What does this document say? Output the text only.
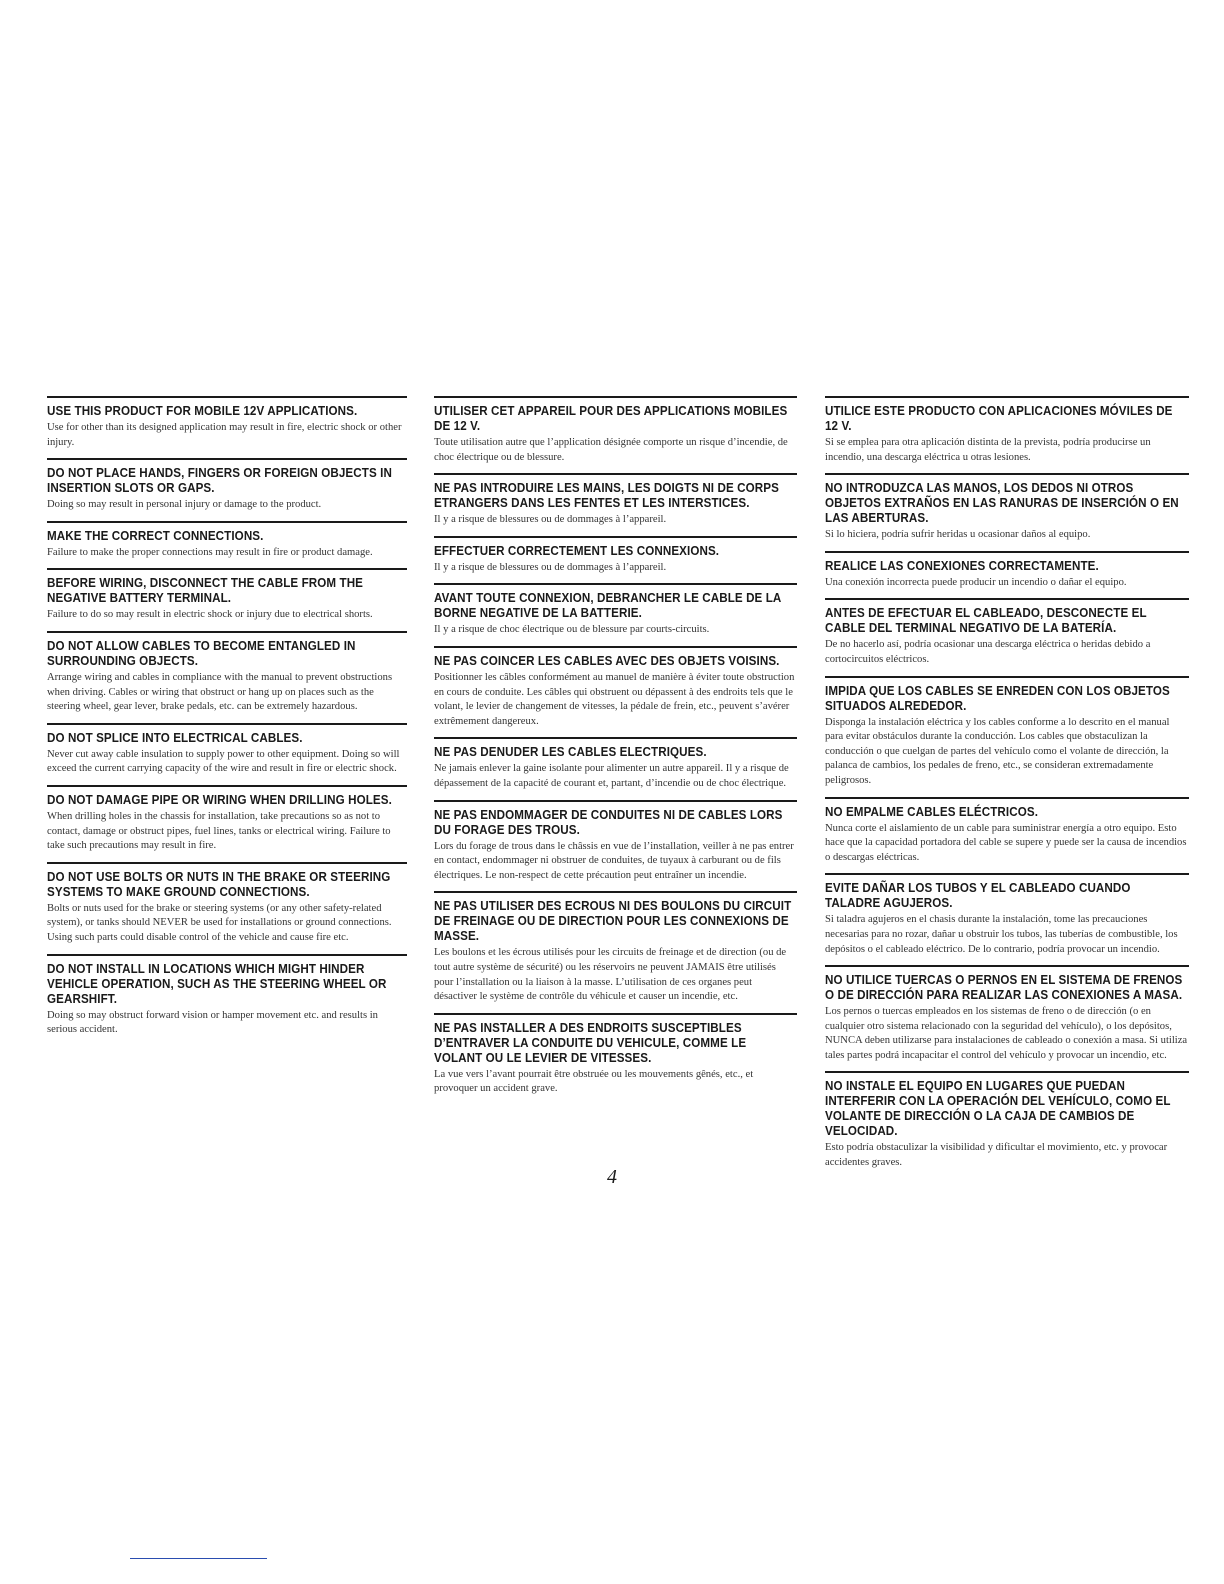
USE THIS PRODUCT FOR MOBILE 12V APPLICATIONS.

Use for other than its designed application may result in fire, electric shock or other injury.

DO NOT PLACE HANDS, FINGERS OR FOREIGN OBJECTS IN INSERTION SLOTS OR GAPS.

Doing so may result in personal injury or damage to the product.

MAKE THE CORRECT CONNECTIONS.

Failure to make the proper connections may result in fire or product damage.

BEFORE WIRING, DISCONNECT THE CABLE FROM THE NEGATIVE BATTERY TERMINAL.

Failure to do so may result in electric shock or injury due to electrical shorts.

DO NOT ALLOW CABLES TO BECOME ENTANGLED IN SURROUNDING OBJECTS.

Arrange wiring and cables in compliance with the manual to prevent obstructions when driving. Cables or wiring that obstruct or hang up on places such as the steering wheel, gear lever, brake pedals, etc. can be extremely hazardous.

DO NOT SPLICE INTO ELECTRICAL CABLES.

Never cut away cable insulation to supply power to other equipment. Doing so will exceed the current carrying capacity of the wire and result in fire or electric shock.

DO NOT DAMAGE PIPE OR WIRING WHEN DRILLING HOLES.

When drilling holes in the chassis for installation, take precautions so as not to contact, damage or obstruct pipes, fuel lines, tanks or electrical wiring. Failure to take such precautions may result in fire.

DO NOT USE BOLTS OR NUTS IN THE BRAKE OR STEERING SYSTEMS TO MAKE GROUND CONNECTIONS.

Bolts or nuts used for the brake or steering systems (or any other safety-related system), or tanks should NEVER be used for installations or ground connections. Using such parts could disable control of the vehicle and cause fire etc.

DO NOT INSTALL IN LOCATIONS WHICH MIGHT HINDER VEHICLE OPERATION, SUCH AS THE STEERING WHEEL OR GEARSHIFT.

Doing so may obstruct forward vision or hamper movement etc. and results in serious accident.

UTILISER CET APPAREIL POUR DES APPLICATIONS MOBILES DE 12 V.

Toute utilisation autre que l’application désignée comporte un risque d’incendie, de choc électrique ou de blessure.

NE PAS INTRODUIRE LES MAINS, LES DOIGTS NI DE CORPS ETRANGERS DANS LES FENTES ET LES INTERSTICES.

Il y a risque de blessures ou de dommages à l’appareil.

EFFECTUER CORRECTEMENT LES CONNEXIONS.

Il y a risque de blessures ou de dommages à l’appareil.

AVANT TOUTE CONNEXION, DEBRANCHER LE CABLE DE LA BORNE NEGATIVE DE LA BATTERIE.

Il y a risque de choc électrique ou de blessure par courts-circuits.

NE PAS COINCER LES CABLES AVEC DES OBJETS VOISINS.

Positionner les câbles conformément au manuel de manière à éviter toute obstruction en cours de conduite. Les câbles qui obstruent ou dépassent à des endroits tels que le volant, le levier de changement de vitesses, la pédale de frein, etc., peuvent s’avérer extrêmement dangereux.

NE PAS DENUDER LES CABLES ELECTRIQUES.

Ne jamais enlever la gaine isolante pour alimenter un autre appareil. Il y a risque de dépassement de la capacité de courant et, partant, d’incendie ou de choc électrique.

NE PAS ENDOMMAGER DE CONDUITES NI DE CABLES LORS DU FORAGE DES TROUS.

Lors du forage de trous dans le châssis en vue de l’installation, veiller à ne pas entrer en contact, endommager ni obstruer de conduites, de tuyaux à carburant ou de fils électriques. Le non-respect de cette précaution peut entraîner un incendie.

NE PAS UTILISER DES ECROUS NI DES BOULONS DU CIRCUIT DE FREINAGE OU DE DIRECTION POUR LES CONNEXIONS DE MASSE.

Les boulons et les écrous utilisés pour les circuits de freinage et de direction (ou de tout autre système de sécurité) ou les réservoirs ne peuvent JAMAIS être utilisés pour l’installation ou la liaison à la masse. L’utilisation de ces organes peut désactiver le système de contrôle du véhicule et causer un incendie, etc.

NE PAS INSTALLER A DES ENDROITS SUSCEPTIBLES D’ENTRAVER LA CONDUITE DU VEHICULE, COMME LE VOLANT OU LE LEVIER DE VITESSES.

La vue vers l’avant pourrait être obstruée ou les mouvements gênés, etc., et provoquer un accident grave.

UTILICE ESTE PRODUCTO CON APLICACIONES MÓVILES DE 12 V.

Si se emplea para otra aplicación distinta de la prevista, podría producirse un incendio, una descarga eléctrica u otras lesiones.

NO INTRODUZCA LAS MANOS, LOS DEDOS NI OTROS OBJETOS EXTRAÑOS EN LAS RANURAS DE INSERCIÓN O EN LAS ABERTURAS.

Si lo hiciera, podría sufrir heridas u ocasionar daños al equipo.

REALICE LAS CONEXIONES CORRECTAMENTE.

Una conexión incorrecta puede producir un incendio o dañar el equipo.

ANTES DE EFECTUAR EL CABLEADO, DESCONECTE EL CABLE DEL TERMINAL NEGATIVO DE LA BATERÍA.

De no hacerlo así, podría ocasionar una descarga eléctrica o heridas debido a cortocircuitos eléctricos.

IMPIDA QUE LOS CABLES SE ENREDEN CON LOS OBJETOS SITUADOS ALREDEDOR.

Disponga la instalación eléctrica y los cables conforme a lo descrito en el manual para evitar obstáculos durante la conducción. Los cables que obstaculizan la conducción o que cuelgan de partes del vehículo como el volante de dirección, la palanca de cambios, los pedales de freno, etc., se consideran extremadamente peligrosos.

NO EMPALME CABLES ELÉCTRICOS.

Nunca corte el aislamiento de un cable para suministrar energía a otro equipo. Esto hace que la capacidad portadora del cable se supere y puede ser la causa de incendios o descargas eléctricas.

EVITE DAÑAR LOS TUBOS Y EL CABLEADO CUANDO TALADRE AGUJEROS.

Si taladra agujeros en el chasis durante la instalación, tome las precauciones necesarias para no rozar, dañar u obstruir los tubos, las tuberías de combustible, los depósitos o el cableado eléctrico. De lo contrario, podría provocar un incendio.

NO UTILICE TUERCAS O PERNOS EN EL SISTEMA DE FRENOS O DE DIRECCIÓN PARA REALIZAR LAS CONEXIONES A MASA.

Los pernos o tuercas empleados en los sistemas de freno o de dirección (o en cualquier otro sistema relacionado con la seguridad del vehículo), o los depósitos, NUNCA deben utilizarse para instalaciones de cableado o conexión a masa. Si utiliza tales partes podrá incapacitar el control del vehículo y provocar un incendio, etc.

NO INSTALE EL EQUIPO EN LUGARES QUE PUEDAN INTERFERIR CON LA OPERACIÓN DEL VEHÍCULO, COMO EL VOLANTE DE DIRECCIÓN O LA CAJA DE CAMBIOS DE VELOCIDAD.

Esto podría obstaculizar la visibilidad y dificultar el movimiento, etc. y provocar accidentes graves.

4
